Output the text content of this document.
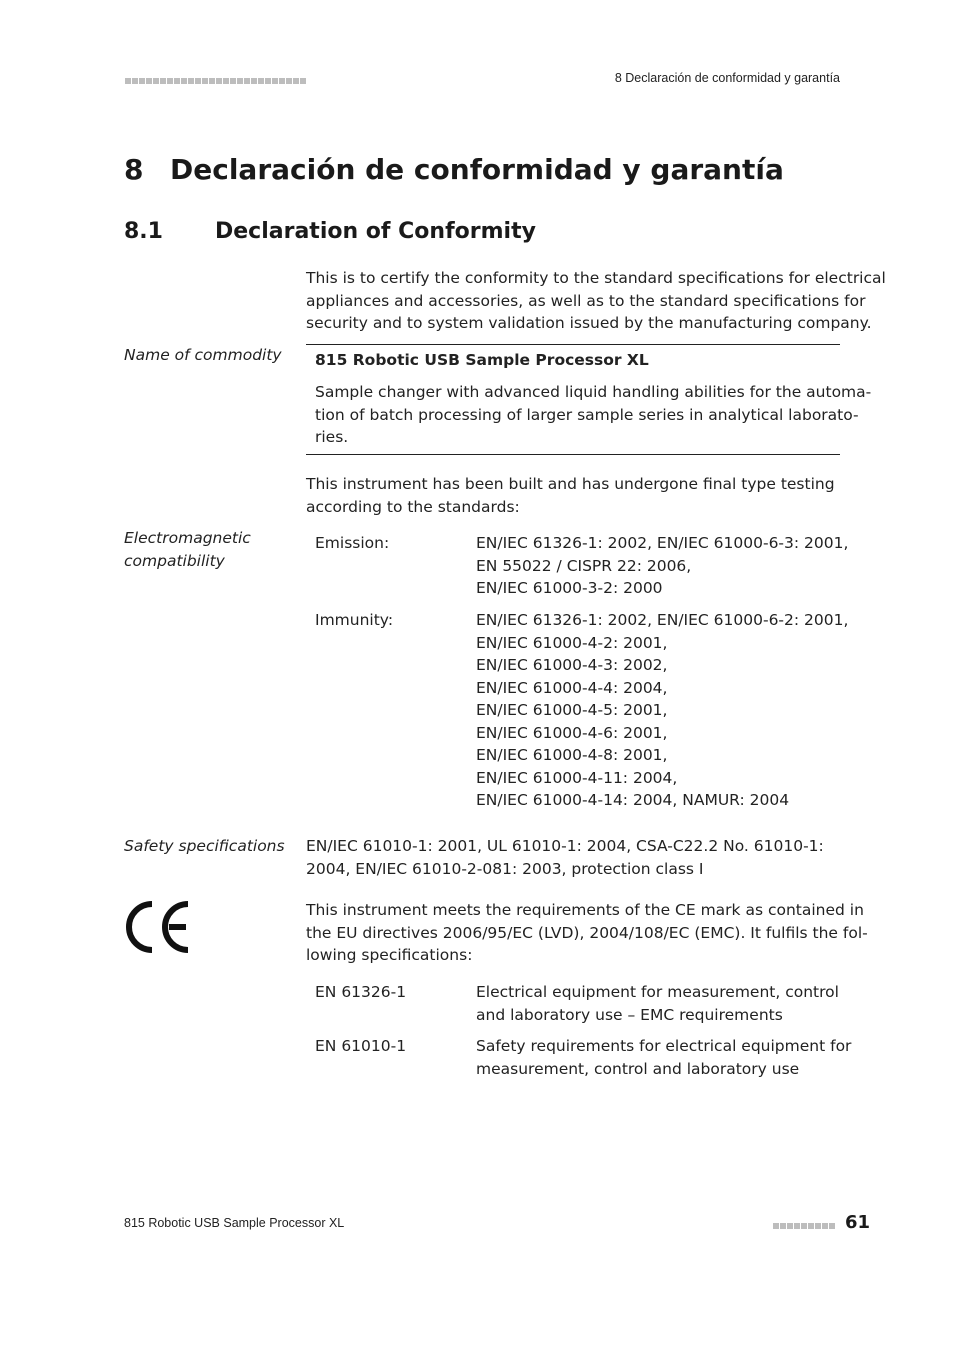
8 Declaración de conformidad y garantía
8 Declaración de conformidad y garantía
8.1 Declaration of Conformity
This is to certify the conformity to the standard specifications for electrical
appliances and accessories, as well as to the standard specifications for
security and to system validation issued by the manufacturing company.
Name of commodity 815 Robotic USB Sample Processor XL
Sample changer with advanced liquid handling abilities for the automa-
tion of batch processing of larger sample series in analytical laborato-
ries.
This instrument has been built and has undergone final type testing
according to the standards:
Electromagnetic
compatibility
Emission:	EN/IEC 61326-1: 2002, EN/IEC 61000-6-3: 2001,
EN 55022 / CISPR 22: 2006,
EN/IEC 61000-3-2: 2000
Immunity:	EN/IEC 61326-1: 2002, EN/IEC 61000-6-2: 2001,
EN/IEC 61000-4-2: 2001,
EN/IEC 61000-4-3: 2002,
EN/IEC 61000-4-4: 2004,
EN/IEC 61000-4-5: 2001,
EN/IEC 61000-4-6: 2001,
EN/IEC 61000-4-8: 2001,
EN/IEC 61000-4-11: 2004,
EN/IEC 61000-4-14: 2004, NAMUR: 2004
Safety specifications EN/IEC 61010-1: 2001, UL 61010-1: 2004, CSA-C22.2 No. 61010-1:
2004, EN/IEC 61010-2-081: 2003, protection class I
This instrument meets the requirements of the CE mark as contained in
the EU directives 2006/95/EC (LVD), 2004/108/EC (EMC). It fulfils the fol-
lowing specifications:
EN 61326-1	Electrical equipment for measurement, control
and laboratory use – EMC requirements
EN 61010-1	Safety requirements for electrical equipment for
measurement, control and laboratory use
815 Robotic USB Sample Processor XL	61
